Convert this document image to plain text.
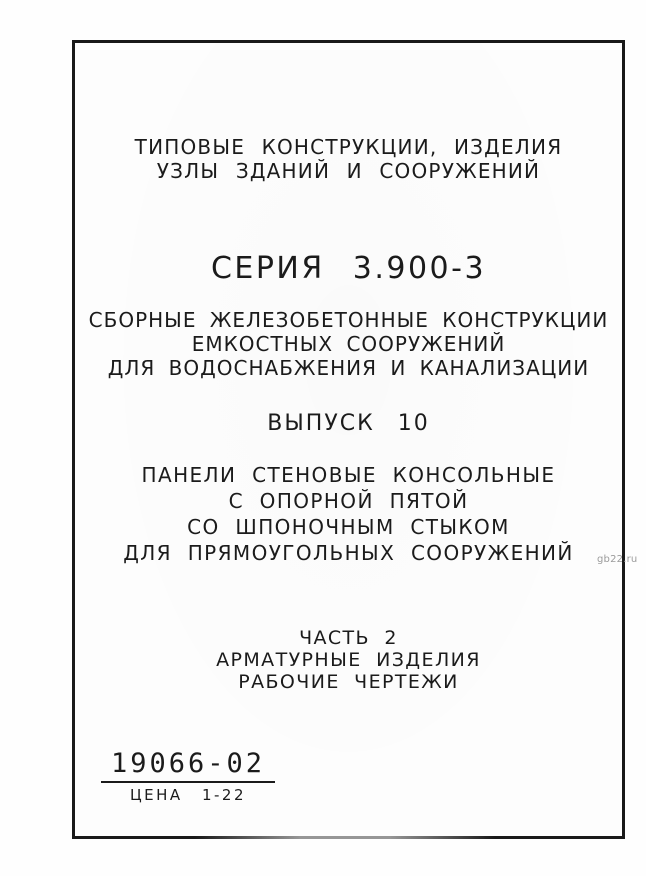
ТИПОВЫЕ КОНСТРУКЦИИ, ИЗДЕЛИЯ
УЗЛЫ ЗДАНИЙ И СООРУЖЕНИЙ
СЕРИЯ 3.900-3
СБОРНЫЕ ЖЕЛЕЗОБЕТОННЫЕ КОНСТРУКЦИИ
ЕМКОСТНЫХ СООРУЖЕНИЙ
ДЛЯ ВОДОСНАБЖЕНИЯ И КАНАЛИЗАЦИИ
ВЫПУСК 10
ПАНЕЛИ СТЕНОВЫЕ КОНСОЛЬНЫЕ
С ОПОРНОЙ ПЯТОЙ
СО ШПОНОЧНЫМ СТЫКОМ
ДЛЯ ПРЯМОУГОЛЬНЫХ СООРУЖЕНИЙ
ЧАСТЬ 2
АРМАТУРНЫЕ ИЗДЕЛИЯ
РАБОЧИЕ ЧЕРТЕЖИ
19066-02
ЦЕНА 1-22
gb22.ru
